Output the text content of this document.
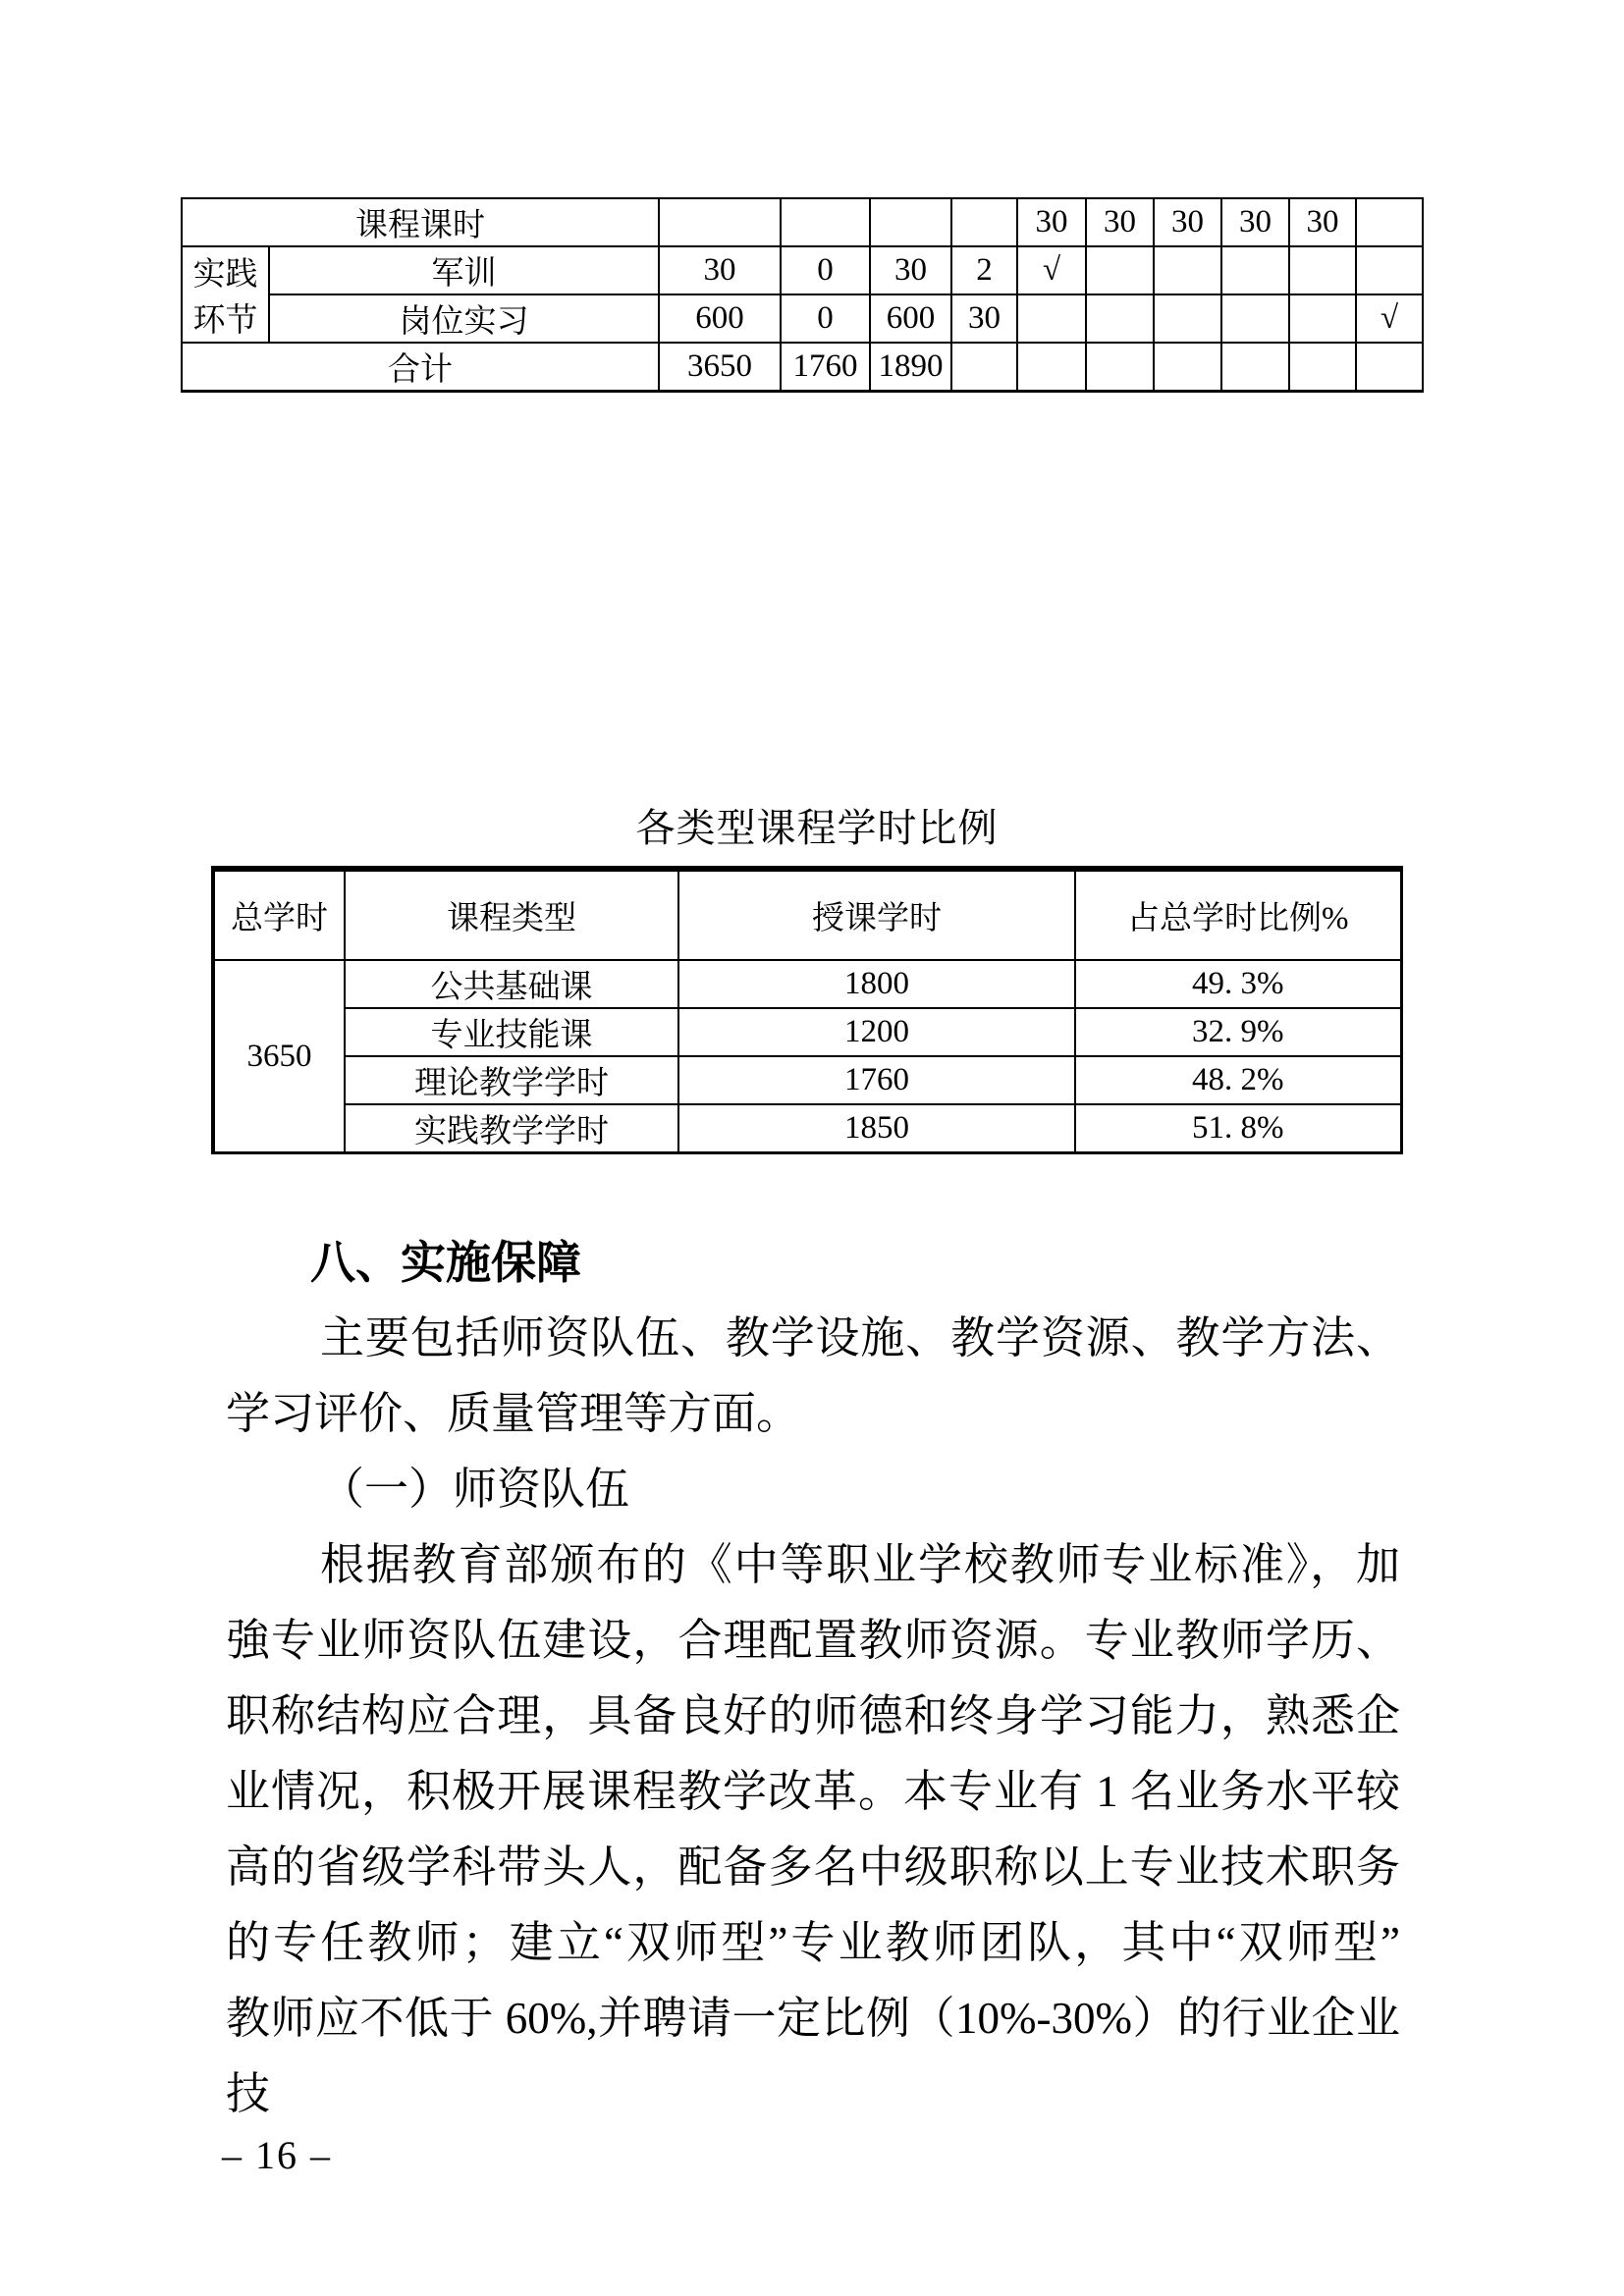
课程课时						30	30	30	30	30	

实践
环节	军训	30	0	30	2	√					
	岗位实习	600	0	600	30						√
合计		3650	1760	1890							
各类型课程学时比例
总学时	课程类型	授课学时	占总学时比例%
3650	公共基础课	1800	49. 3%
	专业技能课	1200	32. 9%
	理论教学学时	1760	48. 2%
	实践教学学时	1850	51. 8%
八、实施保障
主要包括师资队伍、教学设施、教学资源、教学方法、
学习评价、质量管理等方面。
（一）师资队伍
根据教育部颁布的《中等职业学校教师专业标准》，加
強专业师资队伍建设，合理配置教师资源。专业教师学历、
职称结构应合理，具备良好的师德和终身学习能力，熟悉企
业情况，积极开展课程教学改革。本专业有 1 名业务水平较
高的省级学科带头人，配备多名中级职称以上专业技术职务
的专任教师；建立“双师型”专业教师团队，其中“双师型”
教师应不低于 60%,并聘请一定比例（10%-30%）的行业企业技
– 16 –
